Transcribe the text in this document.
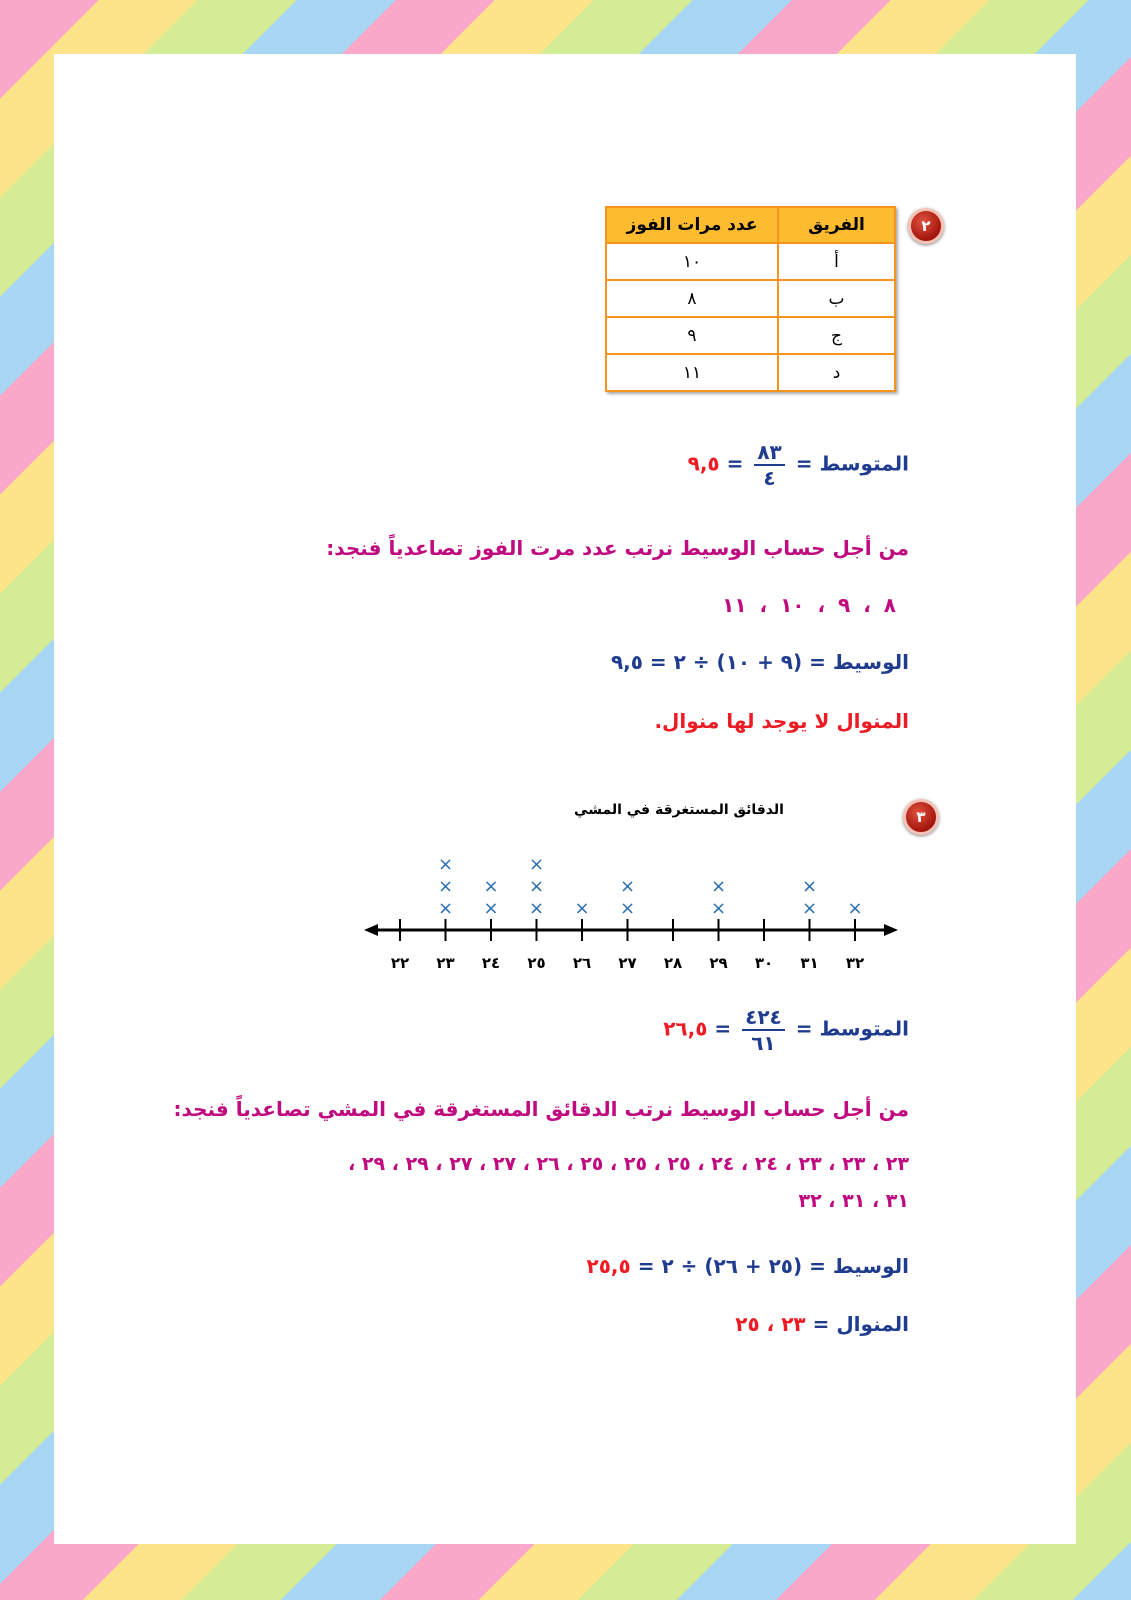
٢
الفريق	عدد مرات الفوز
أ	١٠
ب	٨
ج	٩
د	١١
المتوسط =
$\frac{٨٣}{٤}$
= ٩,٥
من أجل حساب الوسيط نرتب عدد مرت الفوز تصاعدياً فنجد:
٨ ، ٩ ، ١٠ ، ١١
الوسيط = (٩ + ١٠) ÷ ٢ = ٩,٥
المنوال لا يوجد لها منوال.
٣
الدقائق المستغرقة في المشي
٢٢ ٢٣
×
×
×
٢٤
×
×
٢٥
×
×
×
٢٦
×
٢٧
×
×
٢٨ ٢٩
×
×
٣٠ ٣١
×
×
٣٢
×
المتوسط =
$\frac{٤٢٤}{٦١}$
= ٢٦,٥
من أجل حساب الوسيط نرتب الدقائق المستغرقة في المشي تصاعدياً فنجد:
٢٣ ، ٢٣ ، ٢٣ ، ٢٤ ، ٢٤ ، ٢٥ ، ٢٥ ، ٢٥ ، ٢٦ ، ٢٧ ، ٢٧ ، ٢٩ ، ٢٩ ،
٣١ ، ٣١ ، ٣٢
الوسيط = (٢٥ + ٢٦) ÷ ٢ = ٢٥,٥
المنوال = ٢٣ ، ٢٥
